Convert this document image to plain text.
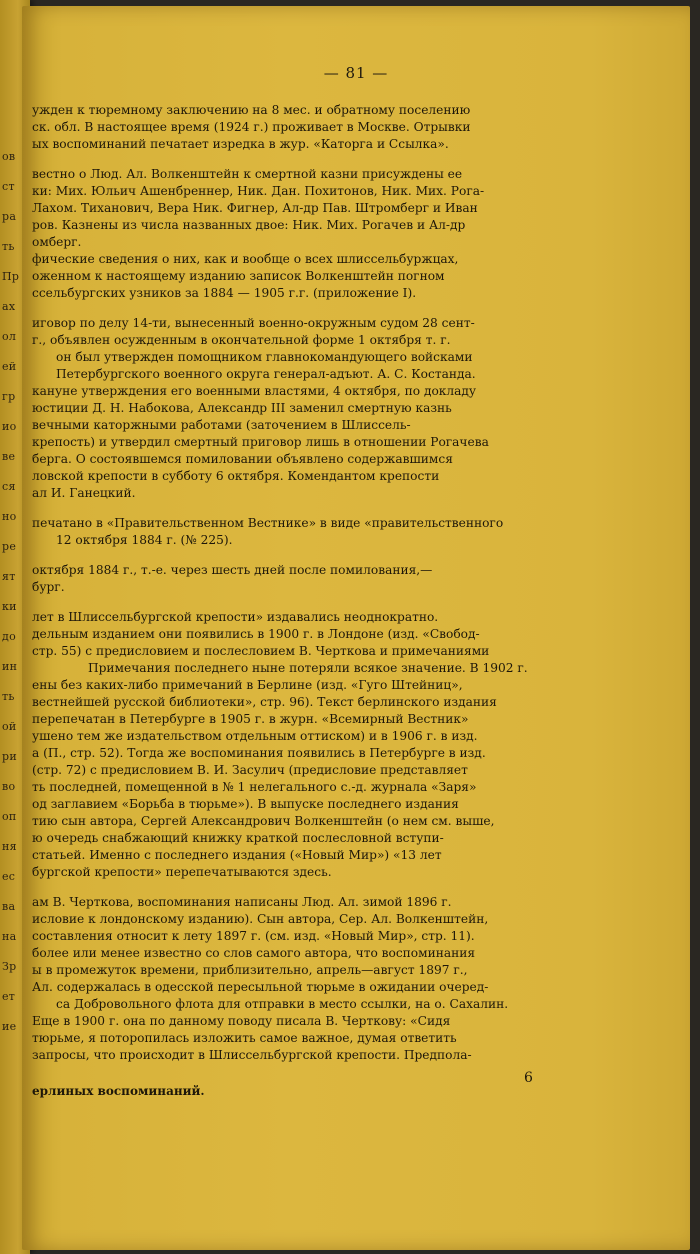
ов
ст
ра
ть
Пр
ах
ол
ей
гр
ио
ве
ся
но
ре
ят
ки
до
ин
ть
ой
ри
во
оп
ня
ес
ва
на
Зр
ет
ие
— 81 —
ужден к тюремному заключению на 8 мес. и обратному поселению
ск. обл. В настоящее время (1924 г.) проживает в Москве. Отрывки
ых воспоминаний печатает изредка в жур. «Каторга и Ссылка».
вестно о Люд. Ал. Волкенштейн к смертной казни присуждены ее
ки: Мих. Юльич Ашенбреннер, Ник. Дан. Похитонов, Ник. Мих. Рога-
Лахом. Тиханович, Вера Ник. Фигнер, Ал-др Пав. Штромберг и Иван
ров. Казнены из числа названных двое: Ник. Мих. Рогачев и Ал-др
омберг.
фические сведения о них, как и вообще о всех шлиссельбуржцах,
оженном к настоящему изданию записок Волкенштейн погном
ссельбургских узников за 1884 — 1905 г.г. (приложение I).
иговор по делу 14-ти, вынесенный военно-окружным судом 28 сент-
г., объявлен осужденным в окончательной форме 1 октября т. г.
он был утвержден помощником главнокомандующего войсками
Петербургского военного округа генерал-адъют. А. С. Костанда.
канунe утверждения его военными властями, 4 октября, по докладу
юстиции Д. Н. Набокова, Александр III заменил смертную казнь
вечными каторжными работами (заточением в Шлиссель-
крепость) и утвердил смертный приговор лишь в отношении Рогачева
берга. О состоявшемся помиловании объявлено содержавшимся
ловской крепости в субботу 6 октября. Комендантом крепости
ал И. Ганецкий.
печатано в «Правительственном Вестнике» в виде «правительственного
12 октября 1884 г. (№ 225).
октября 1884 г., т.-е. через шесть дней после помилования,—
бург.
лет в Шлиссельбургской крепости» издавались неоднократно.
дельным изданием они появились в 1900 г. в Лондоне (изд. «Свобод-
стр. 55) с предисловием и послесловием В. Черткова и примечаниями
Примечания последнего ныне потеряли всякое значение. В 1902 г.
ены без каких-либо примечаний в Берлине (изд. «Гуго Штейниц»,
вестнейшей русской библиотеки», стр. 96). Текст берлинского издания
перепечатан в Петербурге в 1905 г. в журн. «Всемирный Вестник»
ушено тем же издательством отдельным оттиском) и в 1906 г. в изд.
а (П., стр. 52). Тогда же воспоминания появились в Петербурге в изд.
(стр. 72) с предисловием В. И. Засулич (предисловие представляет
ть последней, помещенной в № 1 нелегального с.-д. журнала «Заря»
од заглавием «Борьба в тюрьме»). В выпуске последнего издания
тию сын автора, Сергей Александрович Волкенштейн (о нем см. выше,
ю очередь снабжающий книжку краткой послесловной вступи-
статьей. Именно с последнего издания («Новый Мир») «13 лет
бургской крепости» перепечатываются здесь.
ам В. Черткова, воспоминания написаны Люд. Ал. зимой 1896 г.
исловие к лондонскому изданию). Сын автора, Сер. Ал. Волкенштейн,
составления относит к лету 1897 г. (см. изд. «Новый Мир», стр. 11).
более или менее известно со слов самого автора, что воспоминания
ы в промежуток времени, приблизительно, апрель—август 1897 г.,
Ал. содержалась в одесской пересыльной тюрьме в ожидании очеред-
са Добровольного флота для отправки в место ссылки, на о. Сахалин.
Еще в 1900 г. она по данному поводу писала В. Черткову: «Сидя
тюрьме, я поторопилась изложить самое важное, думая ответить
запросы, что происходит в Шлиссельбургской крепости. Предпола-
ерлиных воспоминаний.
6
